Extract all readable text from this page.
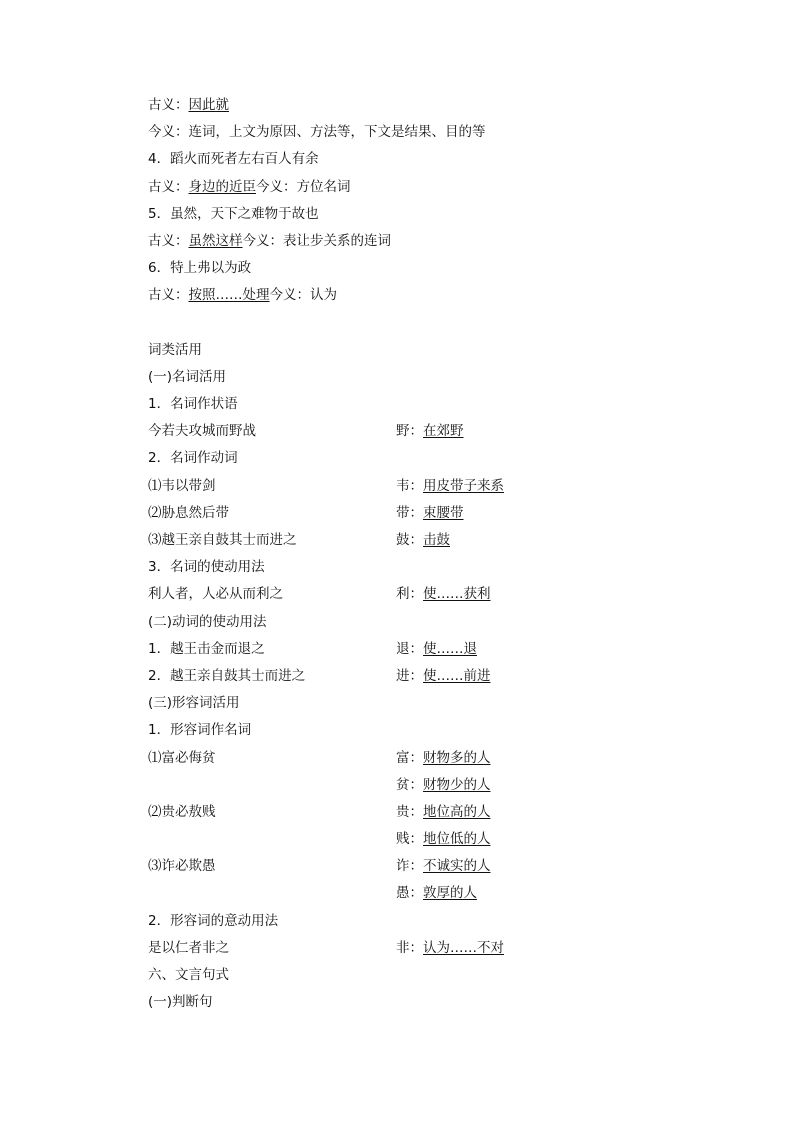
古义：因此就
今义：连词，上文为原因、方法等，下文是结果、目的等
4．蹈火而死者左右百人有余
古义：身边的近臣今义：方位名词
5．虽然，天下之难物于故也
古义：虽然这样今义：表让步关系的连词
6．特上弗以为政
古义：按照……处理今义：认为
词类活用
(一)名词活用
1．名词作状语
今若夫攻城而野战	野：在郊野
2．名词作动词
⑴韦以带剑	韦：用皮带子来系
⑵胁息然后带	带：束腰带
⑶越王亲自鼓其士而进之	鼓：击鼓
3．名词的使动用法
利人者，人必从而利之	利：使……获利
(二)动词的使动用法
1．越王击金而退之	退：使……退
2．越王亲自鼓其士而进之	进：使……前进
(三)形容词活用
1．形容词作名词
⑴富必侮贫	富：财物多的人
贫：财物少的人
⑵贵必敖贱	贵：地位高的人
贱：地位低的人
⑶诈必欺愚	诈：不诚实的人
愚：敦厚的人
2．形容词的意动用法
是以仁者非之	非：认为……不对
六、文言句式
(一)判断句
